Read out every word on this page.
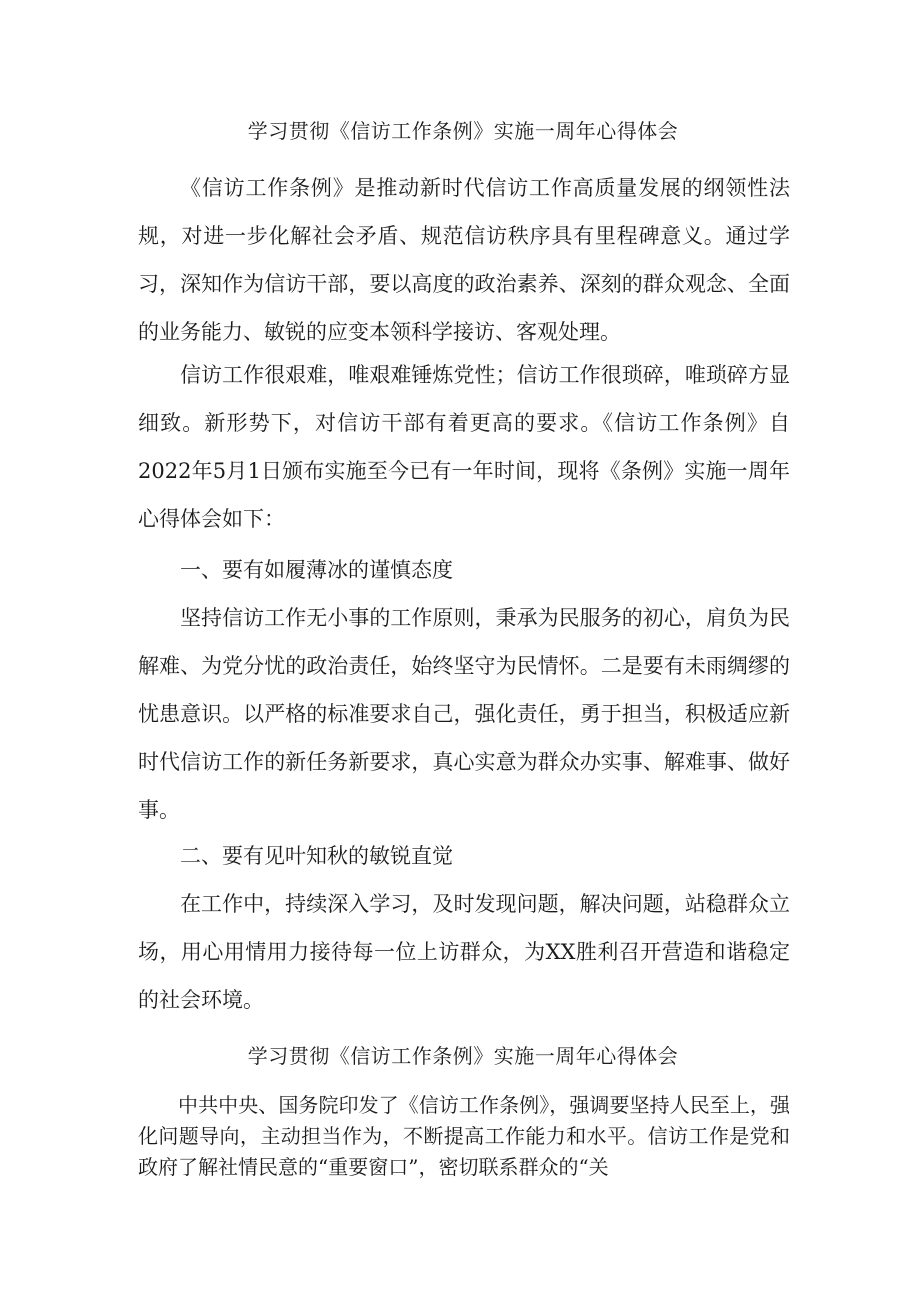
学习贯彻《信访工作条例》实施一周年心得体会

《信访工作条例》是推动新时代信访工作高质量发展的纲领性法规，对进一步化解社会矛盾、规范信访秩序具有里程碑意义。通过学习，深知作为信访干部，要以高度的政治素养、深刻的群众观念、全面的业务能力、敏锐的应变本领科学接访、客观处理。

信访工作很艰难，唯艰难锤炼党性；信访工作很琐碎，唯琐碎方显细致。新形势下，对信访干部有着更高的要求。《信访工作条例》自2022年5月1日颁布实施至今已有一年时间，现将《条例》实施一周年心得体会如下：

一、要有如履薄冰的谨慎态度

坚持信访工作无小事的工作原则，秉承为民服务的初心，肩负为民解难、为党分忧的政治责任，始终坚守为民情怀。二是要有未雨绸缪的忧患意识。以严格的标准要求自己，强化责任，勇于担当，积极适应新时代信访工作的新任务新要求，真心实意为群众办实事、解难事、做好事。

二、要有见叶知秋的敏锐直觉

在工作中，持续深入学习，及时发现问题，解决问题，站稳群众立场，用心用情用力接待每一位上访群众，为XX胜利召开营造和谐稳定的社会环境。

学习贯彻《信访工作条例》实施一周年心得体会

中共中央、国务院印发了《信访工作条例》，强调要坚持人民至上，强化问题导向，主动担当作为，不断提高工作能力和水平。信访工作是党和政府了解社情民意的“重要窗口”，密切联系群众的“关
